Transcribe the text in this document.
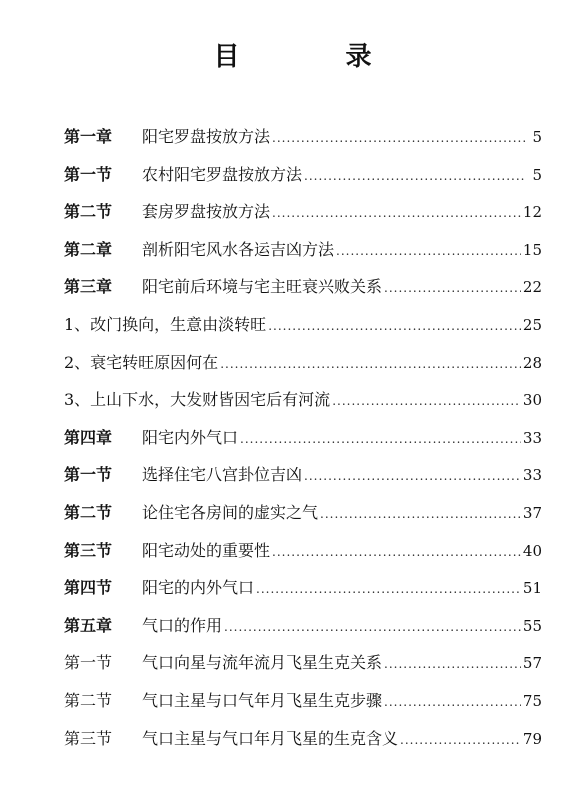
目　录
第一章	阳宅罗盘按放方法 .....	5
第一节	农村阳宅罗盘按放方法 .....	5
第二节	套房罗盘按放方法 .....	12
第二章	剖析阳宅风水各运吉凶方法 .....	15
第三章	阳宅前后环境与宅主旺衰兴败关系 .....	22
1、改门换向，生意由淡转旺 .....	25
2、衰宅转旺原因何在 .....	28
3、上山下水，大发财皆因宅后有河流 .....	30
第四章	阳宅内外气口 .....	33
第一节	选择住宅八宫卦位吉凶 .....	33
第二节	论住宅各房间的虚实之气 .....	37
第三节	阳宅动处的重要性 .....	40
第四节	阳宅的内外气口 .....	51
第五章	气口的作用 .....	55
第一节	气口向星与流年流月飞星生克关系 .....	57
第二节	气口主星与口气年月飞星生克步骤 .....	75
第三节	气口主星与气口年月飞星的生克含义 .....	79
